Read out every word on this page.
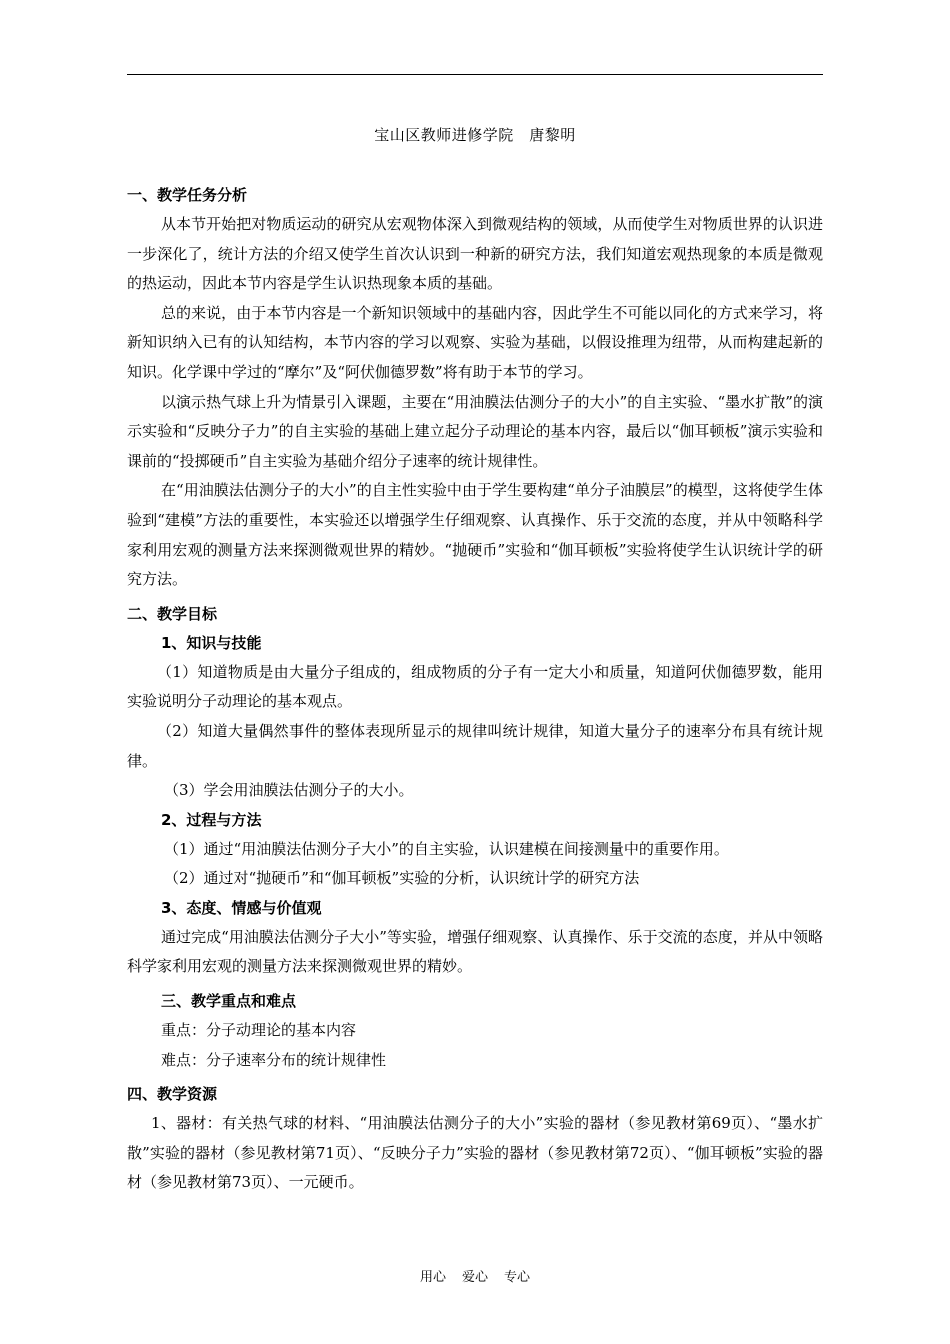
宝山区教师进修学院　唐黎明
一、教学任务分析

从本节开始把对物质运动的研究从宏观物体深入到微观结构的领域，从而使学生对物质世界的认识进一步深化了，统计方法的介绍又使学生首次认识到一种新的研究方法，我们知道宏观热现象的本质是微观的热运动，因此本节内容是学生认识热现象本质的基础。

总的来说，由于本节内容是一个新知识领域中的基础内容，因此学生不可能以同化的方式来学习，将新知识纳入已有的认知结构，本节内容的学习以观察、实验为基础，以假设推理为纽带，从而构建起新的知识。化学课中学过的“摩尔”及“阿伏伽德罗数”将有助于本节的学习。

以演示热气球上升为情景引入课题，主要在“用油膜法估测分子的大小”的自主实验、“墨水扩散”的演示实验和“反映分子力”的自主实验的基础上建立起分子动理论的基本内容，最后以“伽耳顿板”演示实验和课前的“投掷硬币”自主实验为基础介绍分子速率的统计规律性。

在“用油膜法估测分子的大小”的自主性实验中由于学生要构建“单分子油膜层”的模型，这将使学生体验到“建模”方法的重要性，本实验还以增强学生仔细观察、认真操作、乐于交流的态度，并从中领略科学家利用宏观的测量方法来探测微观世界的精妙。“抛硬币”实验和“伽耳顿板”实验将使学生认识统计学的研究方法。

二、教学目标
1、知识与技能

（1）知道物质是由大量分子组成的，组成物质的分子有一定大小和质量，知道阿伏伽德罗数，能用实验说明分子动理论的基本观点。

（2）知道大量偶然事件的整体表现所显示的规律叫统计规律，知道大量分子的速率分布具有统计规律。

（3）学会用油膜法估测分子的大小。

2、过程与方法

（1）通过“用油膜法估测分子大小”的自主实验，认识建模在间接测量中的重要作用。

（2）通过对“抛硬币”和“伽耳顿板”实验的分析，认识统计学的研究方法

3、态度、情感与价值观

通过完成“用油膜法估测分子大小”等实验，增强仔细观察、认真操作、乐于交流的态度，并从中领略科学家利用宏观的测量方法来探测微观世界的精妙。

三、教学重点和难点

重点：分子动理论的基本内容

难点：分子速率分布的统计规律性

四、教学资源

1、器材：有关热气球的材料、“用油膜法估测分子的大小”实验的器材（参见教材第69页）、“墨水扩散”实验的器材（参见教材第71页）、“反映分子力”实验的器材（参见教材第72页）、“伽耳顿板”实验的器材（参见教材第73页）、一元硬币。

用心 爱心 专心
